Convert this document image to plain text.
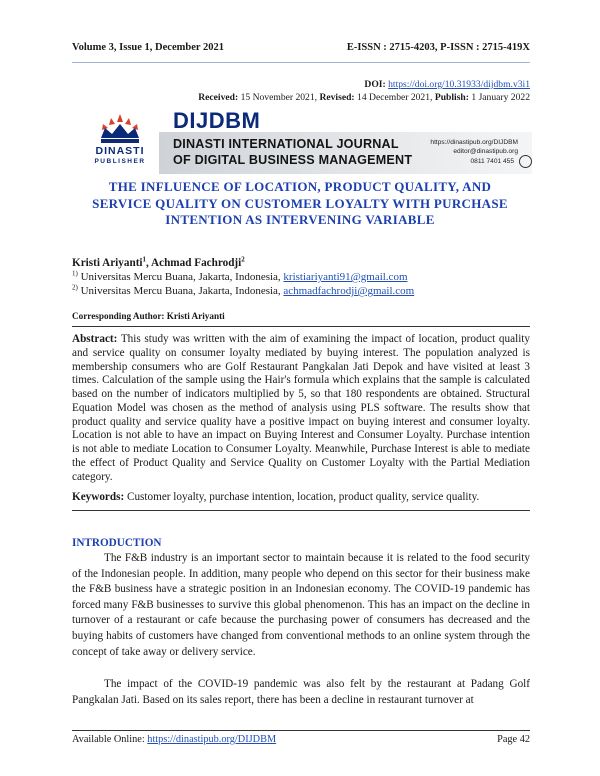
Volume 3, Issue 1, December 2021	E-ISSN : 2715-4203, P-ISSN : 2715-419X
DOI: https://doi.org/10.31933/dijdbm.v3i1
Received: 15 November 2021, Revised: 14 December 2021, Publish: 1 January 2022
DINASTI
PUBLISHER
DIJDBM
DINASTI INTERNATIONAL JOURNAL
OF DIGITAL BUSINESS MANAGEMENT
https://dinastipub.org/DIJDBM
editor@dinastipub.org
0811 7401 455
THE INFLUENCE OF LOCATION, PRODUCT QUALITY, AND SERVICE QUALITY ON CUSTOMER LOYALTY WITH PURCHASE INTENTION AS INTERVENING VARIABLE
Kristi Ariyanti$^1$, Achmad Fachrodji$^2$
$^{1)}$ Universitas Mercu Buana, Jakarta, Indonesia, kristiariyanti91@gmail.com
$^{2)}$ Universitas Mercu Buana, Jakarta, Indonesia, achmadfachrodji@gmail.com
Corresponding Author: Kristi Ariyanti
Abstract: This study was written with the aim of examining the impact of location, product quality and service quality on consumer loyalty mediated by buying interest. The population analyzed is membership consumers who are Golf Restaurant Pangkalan Jati Depok and have visited at least 3 times. Calculation of the sample using the Hair's formula which explains that the sample is calculated based on the number of indicators multiplied by 5, so that 180 respondents are obtained. Structural Equation Model was chosen as the method of analysis using PLS software. The results show that product quality and service quality have a positive impact on buying interest and consumer loyalty. Location is not able to have an impact on Buying Interest and Consumer Loyalty. Purchase intention is not able to mediate Location to Consumer Loyalty. Meanwhile, Purchase Interest is able to mediate the effect of Product Quality and Service Quality on Customer Loyalty with the Partial Mediation category.
Keywords: Customer loyalty, purchase intention, location, product quality, service quality.
INTRODUCTION
The F&B industry is an important sector to maintain because it is related to the food security of the Indonesian people. In addition, many people who depend on this sector for their business make the F&B business have a strategic position in an Indonesian economy. The COVID-19 pandemic has forced many F&B businesses to survive this global phenomenon. This has an impact on the decline in turnover of a restaurant or cafe because the purchasing power of consumers has decreased and the buying habits of customers have changed from conventional methods to an online system through the concept of take away or delivery service.
The impact of the COVID-19 pandemic was also felt by the restaurant at Padang Golf Pangkalan Jati. Based on its sales report, there has been a decline in restaurant turnover at
Available Online: https://dinastipub.org/DIJDBM	Page 42
